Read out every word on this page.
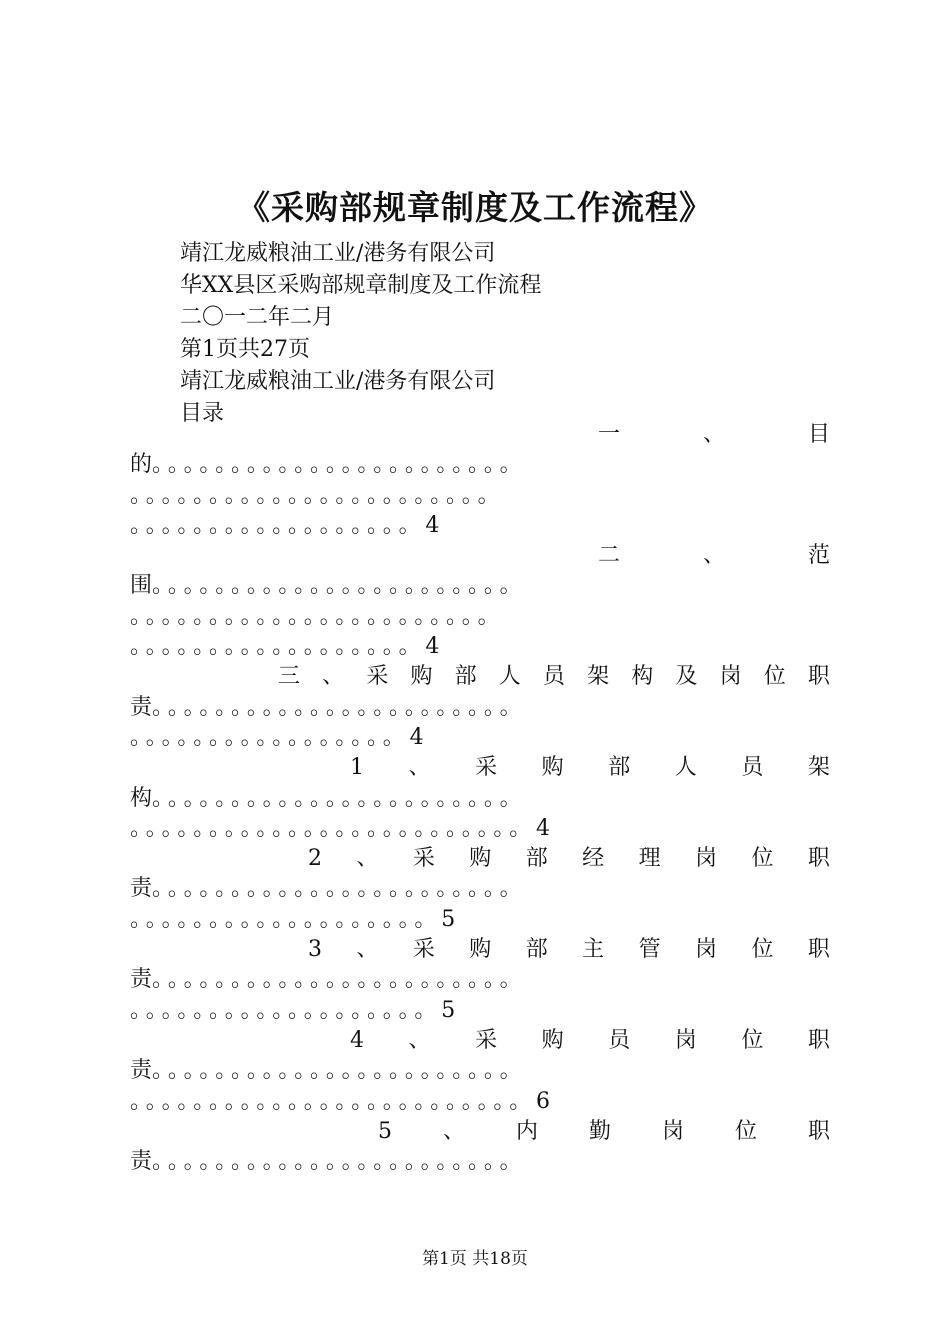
《采购部规章制度及工作流程》
靖江龙威粮油工业/港务有限公司
华XX县区采购部规章制度及工作流程
二〇一二年二月
第1页共27页
靖江龙威粮油工业/港务有限公司
目录
一	、	目
的。。。。。。。。。。。。。。。。。。。。。。。
。。。。。。。。。。。。。。。。。。。。。。。
。。。。。。。。。。。。。。。。。。4
二	、	范
围。。。。。。。。。。。。。。。。。。。。。。。
。。。。。。。。。。。。。。。。。。。。。。。
。。。。。。。。。。。。。。。。。。4
三 、 采 购 部 人 员 架 构 及 岗 位 职
责。。。。。。。。。。。。。。。。。。。。。。。
。。。。。。。。。。。。。。。。。4
1 、 采 购 部 人 员 架
构。。。。。。。。。。。。。。。。。。。。。。。
。。。。。。。。。。。。。。。。。。。。。。。。。4
2 、 采 购 部 经 理 岗 位 职
责。。。。。。。。。。。。。。。。。。。。。。。
。。。。。。。。。。。。。。。。。。。5
3 、 采 购 部 主 管 岗 位 职
责。。。。。。。。。。。。。。。。。。。。。。。
。。。。。。。。。。。。。。。。。。。5
4 、 采 购 员 岗 位 职
责。。。。。。。。。。。。。。。。。。。。。。。
。。。。。。。。。。。。。。。。。。。。。。。。。6
5 、 内 勤 岗 位 职
责。。。。。。。。。。。。。。。。。。。。。。。
第1页 共18页
